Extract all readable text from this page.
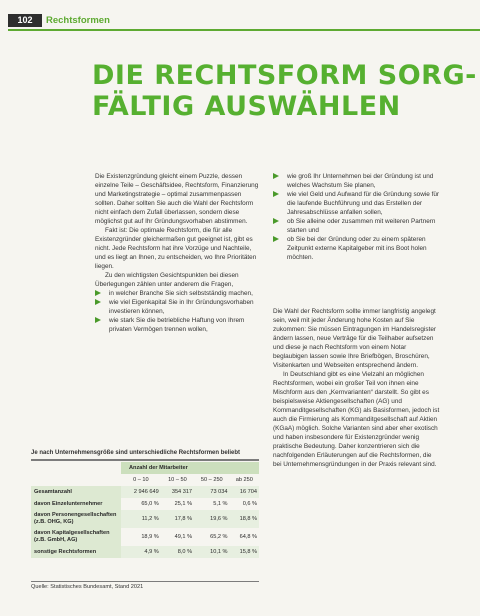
102	Rechtsformen
DIE RECHTSFORM SORG-
FÄLTIG AUSWÄHLEN

Die Existenzgründung gleicht einem Puzzle, dessen einzelne Teile – Geschäftsidee, Rechtsform, Finanzierung und Marketingstrategie – optimal zusammenpassen sollten. Daher sollten Sie auch die Wahl der Rechtsform nicht einfach dem Zufall überlassen, sondern diese möglichst gut auf Ihr Gründungsvorhaben abstimmen.

Fakt ist: Die optimale Rechtsform, die für alle Existenzgründer gleichermaßen gut geeignet ist, gibt es nicht. Jede Rechtsform hat ihre Vorzüge und Nachteile, und es liegt an Ihnen, zu entscheiden, wo Ihre Prioritäten liegen.

Zu den wichtigsten Gesichtspunkten bei diesen Überlegungen zählen unter anderem die Fragen,

in welcher Branche Sie sich selbstständig machen,
wie viel Eigenkapital Sie in Ihr Gründungsvorhaben investieren können,
wie stark Sie die betriebliche Haftung von Ihrem privaten Vermögen trennen wollen,
wie groß Ihr Unternehmen bei der Gründung ist und welches Wachstum Sie planen,
wie viel Geld und Aufwand für die Gründung sowie für die laufende Buchführung und das Erstellen der Jahresabschlüsse anfallen sollen,
ob Sie alleine oder zusammen mit weiteren Partnern starten und
ob Sie bei der Gründung oder zu einem späteren Zeitpunkt externe Kapitalgeber mit ins Boot holen möchten.

Die Wahl der Rechtsform sollte immer langfristig angelegt sein, weil mit jeder Änderung hohe Kosten auf Sie zukommen: Sie müssen Eintragungen im Handelsregister ändern lassen, neue Verträge für die Teilhaber aufsetzen und diese je nach Rechtsform von einem Notar beglaubigen lassen sowie Ihre Briefbögen, Broschüren, Visitenkarten und Webseiten entsprechend ändern.

In Deutschland gibt es eine Vielzahl an möglichen Rechtsformen, wobei ein großer Teil von ihnen eine Mischform aus den „Kernvarianten“ darstellt. So gibt es beispielsweise Aktiengesellschaften (AG) und Kommanditgesellschaften (KG) als Basisformen, jedoch ist auch die Firmierung als Kommanditgesellschaft auf Aktien (KGaA) möglich. Solche Varianten sind aber eher exotisch und haben insbesondere für Existenzgründer wenig praktische Bedeutung. Daher konzentrieren sich die nachfolgenden Erläuterungen auf die Rechtsformen, die bei Unternehmensgründungen in der Praxis relevant sind.

Je nach Unternehmensgröße sind unterschiedliche Rechtsformen beliebt
	Anzahl der Mitarbeiter			
	0 – 10	10 – 50	50 – 250	ab 250
Gesamtanzahl	2 946 649	354 317	73 034	16 704
davon Einzelunternehmer	65,0 %	25,1 %	5,1 %	0,6 %
davon Personengesellschaften (z.B. OHG, KG)	11,2 %	17,8 %	19,6 %	18,8 %
davon Kapitalgesellschaften (z.B. GmbH, AG)	18,9 %	49,1 %	65,2 %	64,8 %
sonstige Rechtsformen	4,9 %	8,0 %	10,1 %	15,8 %
Quelle: Statistisches Bundesamt, Stand 2021
